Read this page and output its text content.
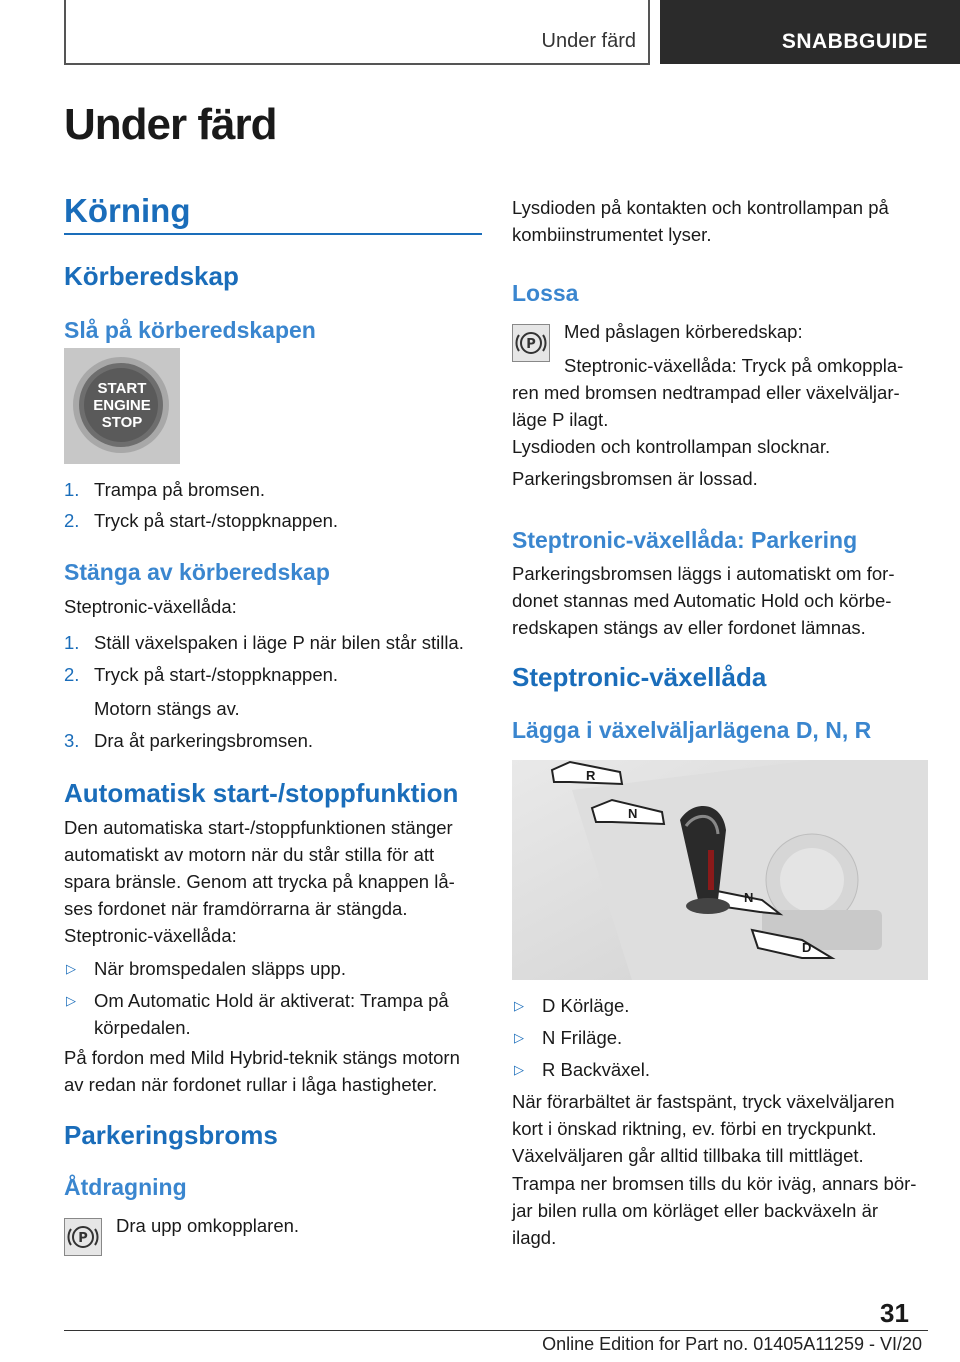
Under färd	SNABBGUIDE
Under färd
Körning
Körberedskap
Slå på körberedskapen
START
ENGINE
STOP
1. Trampa på bromsen.
2. Tryck på start-/stoppknappen.
Stänga av körberedskap
Steptronic-växellåda:
1. Ställ växelspaken i läge P när bilen står stilla.
2. Tryck på start-/stoppknappen.
Motorn stängs av.
3. Dra åt parkeringsbromsen.
Automatisk start-/stoppfunktion
Den automatiska start-/stoppfunktionen stänger
automatiskt av motorn när du står stilla för att
spara bränsle. Genom att trycka på knappen lå-
ses fordonet när framdörrarna är stängda.
Steptronic-växellåda:
▷ När bromspedalen släpps upp.
▷ Om Automatic Hold är aktiverat: Trampa på
körpedalen.
På fordon med Mild Hybrid-teknik stängs motorn
av redan när fordonet rullar i låga hastigheter.
Parkeringsbroms
Åtdragning
P
Dra upp omkopplaren.
Lysdioden på kontakten och kontrollampan på
kombiinstrumentet lyser.
Lossa
P
Med påslagen körberedskap:
Steptronic-växellåda: Tryck på omkoppla-
ren med bromsen nedtrampad eller växelväljar-
läge P ilagt.
Lysdioden och kontrollampan slocknar.
Parkeringsbromsen är lossad.
Steptronic-växellåda: Parkering
Parkeringsbromsen läggs i automatiskt om for-
donet stannas med Automatic Hold och körbe-
redskapen stängs av eller fordonet lämnas.
Steptronic-växellåda
Lägga i växelväljarlägena D, N, R
R
N
N
D
▷ D Körläge.
▷ N Friläge.
▷ R Backväxel.
När förarbältet är fastspänt, tryck växelväljaren
kort i önskad riktning, ev. förbi en tryckpunkt.
Växelväljaren går alltid tillbaka till mittläget.
Trampa ner bromsen tills du kör iväg, annars bör-
jar bilen rulla om körläget eller backväxeln är
ilagd.
31
Online Edition for Part no. 01405A11259 - VI/20
